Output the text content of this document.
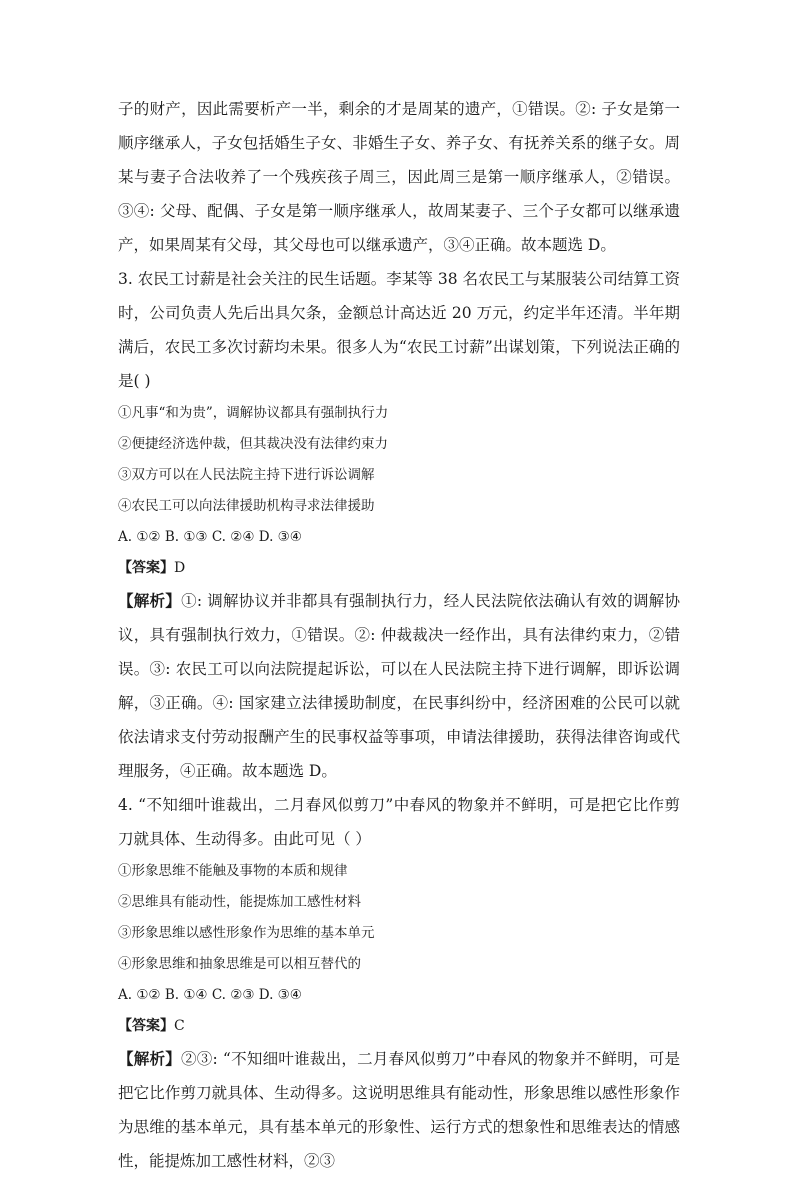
子的财产，因此需要析产一半，剩余的才是周某的遗产，①错误。②: 子女是第一顺序继承人，子女包括婚生子女、非婚生子女、养子女、有抚养关系的继子女。周某与妻子合法收养了一个残疾孩子周三，因此周三是第一顺序继承人，②错误。③④: 父母、配偶、子女是第一顺序继承人，故周某妻子、三个子女都可以继承遗产，如果周某有父母，其父母也可以继承遗产，③④正确。故本题选 D。

3. 农民工讨薪是社会关注的民生话题。李某等 38 名农民工与某服装公司结算工资时，公司负责人先后出具欠条，金额总计高达近 20 万元，约定半年还清。半年期满后，农民工多次讨薪均未果。很多人为“农民工讨薪”出谋划策，下列说法正确的是( )

①凡事“和为贵”，调解协议都具有强制执行力

②便捷经济选仲裁，但其裁决没有法律约束力

③双方可以在人民法院主持下进行诉讼调解

④农民工可以向法律援助机构寻求法律援助

A. ①② B. ①③ C. ②④ D. ③④

【答案】D

【解析】①: 调解协议并非都具有强制执行力，经人民法院依法确认有效的调解协议，具有强制执行效力，①错误。②: 仲裁裁决一经作出，具有法律约束力，②错误。③: 农民工可以向法院提起诉讼，可以在人民法院主持下进行调解，即诉讼调解，③正确。④: 国家建立法律援助制度，在民事纠纷中，经济困难的公民可以就依法请求支付劳动报酬产生的民事权益等事项，申请法律援助，获得法律咨询或代理服务，④正确。故本题选 D。

4. “不知细叶谁裁出，二月春风似剪刀”中春风的物象并不鲜明，可是把它比作剪刀就具体、生动得多。由此可见（ ）

①形象思维不能触及事物的本质和规律

②思维具有能动性，能提炼加工感性材料

③形象思维以感性形象作为思维的基本单元

④形象思维和抽象思维是可以相互替代的

A. ①② B. ①④ C. ②③ D. ③④

【答案】C

【解析】②③: “不知细叶谁裁出，二月春风似剪刀”中春风的物象并不鲜明，可是把它比作剪刀就具体、生动得多。这说明思维具有能动性，形象思维以感性形象作为思维的基本单元，具有基本单元的形象性、运行方式的想象性和思维表达的情感性，能提炼加工感性材料，②③
